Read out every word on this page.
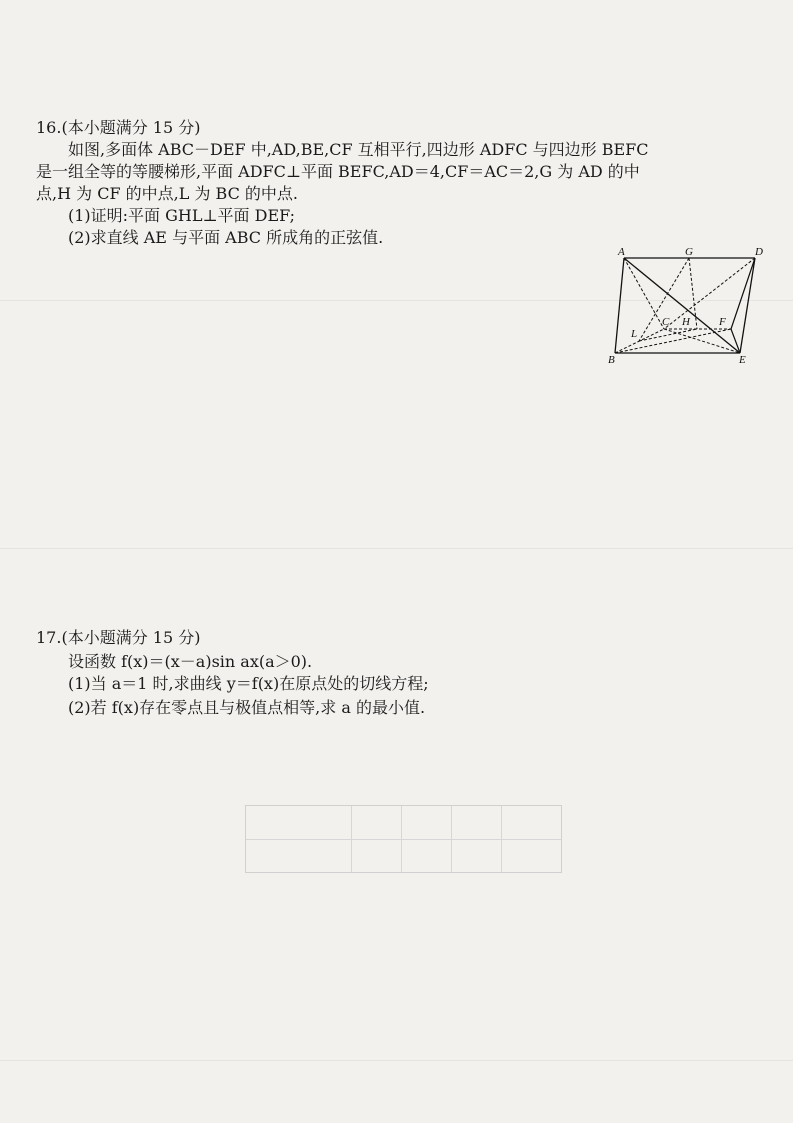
16.(本小题满分 15 分)
如图,多面体 ABC－DEF 中,AD,BE,CF 互相平行,四边形 ADFC 与四边形 BEFC
是一组全等的等腰梯形,平面 ADFC⊥平面 BEFC,AD＝4,CF＝AC＝2,G 为 AD 的中
点,H 为 CF 的中点,L 为 BC 的中点.
(1)证明:平面 GHL⊥平面 DEF;
(2)求直线 AE 与平面 ABC 所成角的正弦值.
A	G	D
C H	F
L
B	E
17.(本小题满分 15 分)
设函数 f(x)＝(x－a)sin ax(a＞0).
(1)当 a＝1 时,求曲线 y＝f(x)在原点处的切线方程;
(2)若 f(x)存在零点且与极值点相等,求 a 的最小值.
